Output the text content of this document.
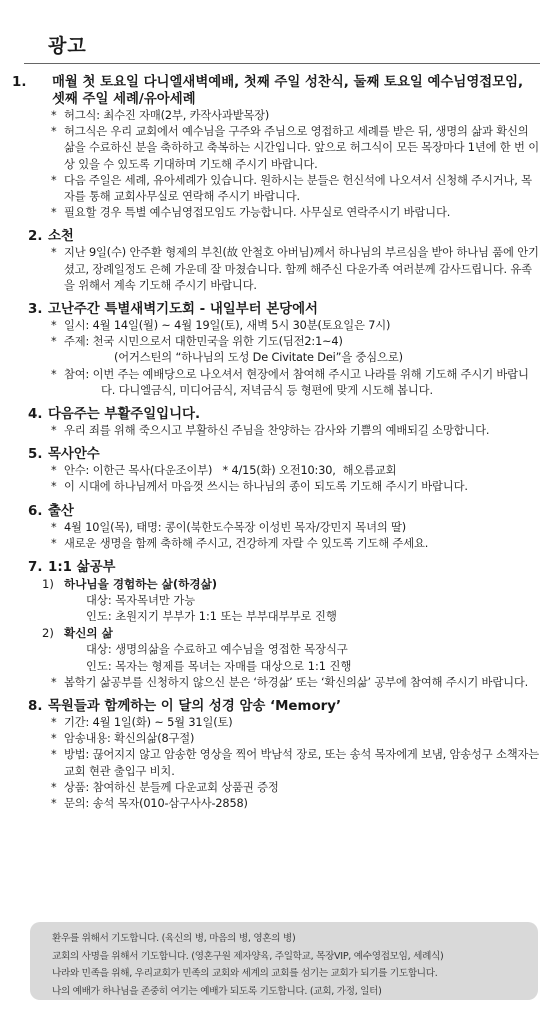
광고
1. 매월 첫 토요일 다니엘새벽예배, 첫째 주일 성찬식, 둘째 토요일 예수님영접모임, 셋째 주일 세례/유아세례
* 허그식: 최수진 자매(2부, 카작사과밭목장)
* 허그식은 우리 교회에서 예수님을 구주와 주님으로 영접하고 세례를 받은 뒤, 생명의 삶과 확신의 삶을 수료하신 분을 축하하고 축복하는 시간입니다. 앞으로 허그식이 모든 목장마다 1년에 한 번 이상 있을 수 있도록 기대하며 기도해 주시기 바랍니다.
* 다음 주일은 세례, 유아세례가 있습니다. 원하시는 분들은 헌신석에 나오셔서 신청해 주시거나, 목자를 통해 교회사무실로 연락해 주시기 바랍니다.
* 필요할 경우 특별 예수님영접모임도 가능합니다. 사무실로 연락주시기 바랍니다.
2. 소천
* 지난 9일(수) 안주환 형제의 부친(故 안철호 아버님)께서 하나님의 부르심을 받아 하나님 품에 안기셨고, 장례일정도 은혜 가운데 잘 마쳤습니다. 함께 해주신 다운가족 여러분께 감사드립니다. 유족을 위해서 계속 기도해 주시기 바랍니다.
3. 고난주간 특별새벽기도회 - 내일부터 본당에서
* 일시: 4월 14일(월) ~ 4월 19일(토), 새벽 5시 30분(토요일은 7시)
* 주제: 천국 시민으로서 대한민국을 위한 기도(딤전2:1~4)
(어거스틴의 “하나님의 도성 De Civitate Dei”을 중심으로)
* 참여: 이번 주는 예배당으로 나오셔서 현장에서 참여해 주시고 나라를 위해 기도해 주시기 바랍니다. 다니엘금식, 미디어금식, 저녁금식 등 형편에 맞게 시도해 봅니다.
4. 다음주는 부활주일입니다.
* 우리 죄를 위해 죽으시고 부활하신 주님을 찬양하는 감사와 기쁨의 예배되길 소망합니다.
5. 목사안수
* 안수: 이한근 목사(다운조이부)   * 4/15(화) 오전10:30,  해오름교회
* 이 시대에 하나님께서 마음껏 쓰시는 하나님의 종이 되도록 기도해 주시기 바랍니다.
6. 출산
* 4월 10일(목), 태명: 콩이(북한도수목장 이성빈 목자/강민지 목녀의 딸)
* 새로운 생명을 함께 축하해 주시고, 건강하게 자랄 수 있도록 기도해 주세요.
7. 1:1 삶공부
1) 하나님을 경험하는 삶(하경삶)
대상: 목자목녀만 가능
인도: 초원지기 부부가 1:1 또는 부부대부부로 진행
2) 확신의 삶
대상: 생명의삶을 수료하고 예수님을 영접한 목장식구
인도: 목자는 형제를 목녀는 자매를 대상으로 1:1 진행
* 봄학기 삶공부를 신청하지 않으신 분은 ‘하경삶’ 또는 ‘확신의삶’ 공부에 참여해 주시기 바랍니다.
8. 목원들과 함께하는 이 달의 성경 암송 ‘Memory’
* 기간: 4월 1일(화) ~ 5월 31일(토)
* 암송내용: 확신의삶(8구절)
* 방법: 끊어지지 않고 암송한 영상을 찍어 박남석 장로, 또는 송석 목자에게 보냄, 암송성구 소책자는 교회 현관 출입구 비치.
* 상품: 참여하신 분들께 다운교회 상품권 증정
* 문의: 송석 목자(010-삼구사사-2858)
환우를 위해서 기도합니다. (육신의 병, 마음의 병, 영혼의 병)
교회의 사명을 위해서 기도합니다. (영혼구원 제자양육, 주일학교, 목장VIP, 예수영접모임, 세례식)
나라와 민족을 위해, 우리교회가 민족의 교회와 세계의 교회를 섬기는 교회가 되기를 기도합니다.
나의 예배가 하나님을 존중히 여기는 예배가 되도록 기도합니다. (교회, 가정, 일터)
